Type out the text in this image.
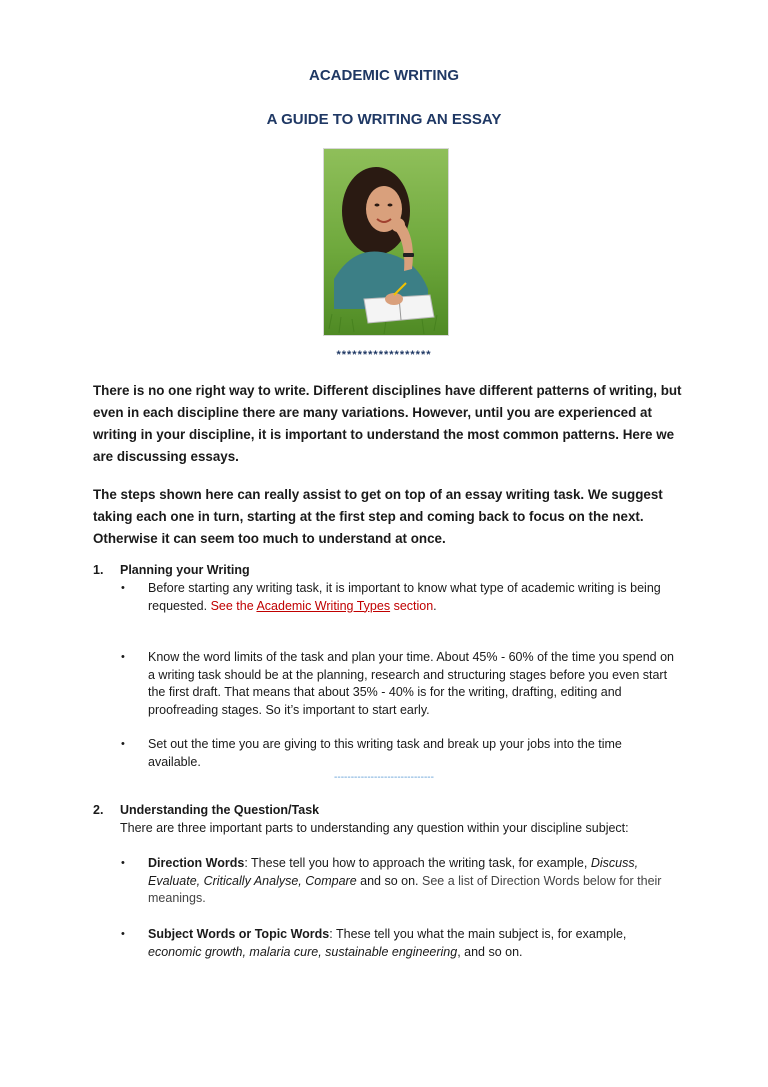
ACADEMIC WRITING
A GUIDE TO WRITING AN ESSAY
******************
There is no one right way to write. Different disciplines have different patterns of writing, but even in each discipline there are many variations. However, until you are experienced at writing in your discipline, it is important to understand the most common patterns. Here we are discussing essays.
The steps shown here can really assist to get on top of an essay writing task. We suggest taking each one in turn, starting at the first step and coming back to focus on the next. Otherwise it can seem too much to understand at once.
1. Planning your Writing
• Before starting any writing task, it is important to know what type of academic writing is being requested. See the Academic Writing Types section.
• Know the word limits of the task and plan your time. About 45% - 60% of the time you spend on a writing task should be at the planning, research and structuring stages before you even start the first draft. That means that about 35% - 40% is for the writing, drafting, editing and proofreading stages. So it’s important to start early.
• Set out the time you are giving to this writing task and break up your jobs into the time available.
------------------------------
2. Understanding the Question/Task
There are three important parts to understanding any question within your discipline subject:
• Direction Words: These tell you how to approach the writing task, for example, Discuss, Evaluate, Critically Analyse, Compare and so on. See a list of Direction Words below for their meanings.
• Subject Words or Topic Words: These tell you what the main subject is, for example, economic growth, malaria cure, sustainable engineering, and so on.
